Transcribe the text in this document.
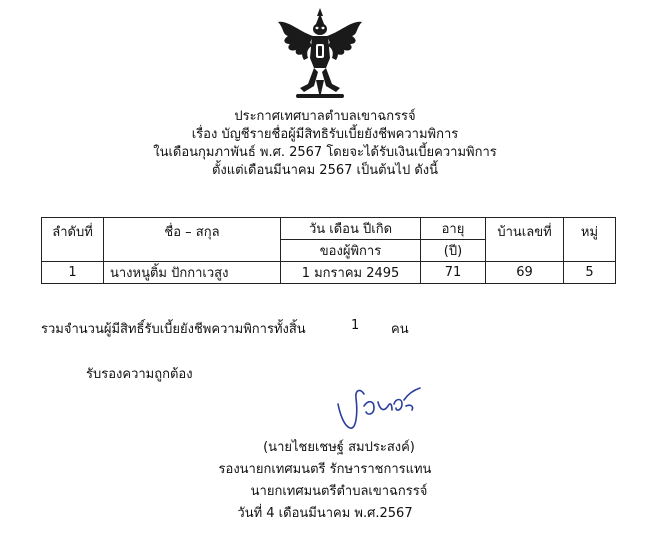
ประกาศเทศบาลตำบลเขาฉกรรจ์
เรื่อง บัญชีรายชื่อผู้มีสิทธิรับเบี้ยยังชีพความพิการ
ในเดือนกุมภาพันธ์ พ.ศ. 2567 โดยจะได้รับเงินเบี้ยความพิการ
ตั้งแต่เดือนมีนาคม 2567 เป็นต้นไป ดังนี้
ลำดับที่	ชื่อ – สกุล	วัน เดือน ปีเกิด	อายุ	บ้านเลขที่	หมู่
		ของผู้พิการ	(ปี)		
1	นางหนูติ้ม ปักกาเวสูง	1 มกราคม 2495	71	69	5
รวมจำนวนผู้มีสิทธิ์รับเบี้ยยังชีพความพิการทั้งสิ้น	1 คน
รับรองความถูกต้อง
(นายไชยเชษฐ์ สมประสงค์)
รองนายกเทศมนตรี รักษาราชการแทน
นายกเทศมนตรีตำบลเขาฉกรรจ์
วันที่ 4 เดือนมีนาคม พ.ศ.2567
